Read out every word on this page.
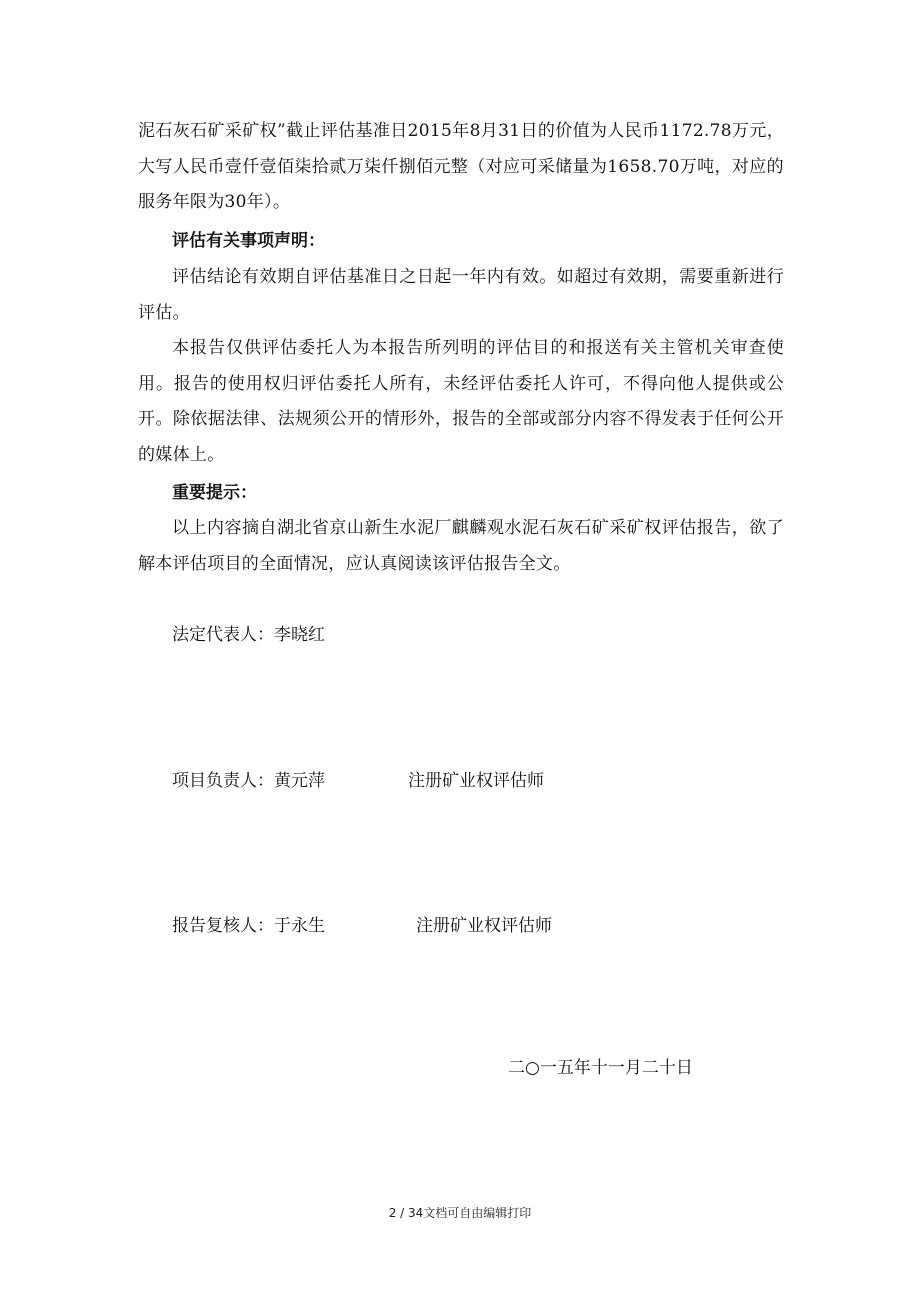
泥石灰石矿采矿权”截止评估基准日2015年8月31日的价值为人民币1172.78万元，大写人民币壹仟壹佰柒拾贰万柒仟捌佰元整（对应可采储量为1658.70万吨，对应的服务年限为30年）。

评估有关事项声明：

评估结论有效期自评估基准日之日起一年内有效。如超过有效期，需要重新进行评估。

本报告仅供评估委托人为本报告所列明的评估目的和报送有关主管机关审查使用。报告的使用权归评估委托人所有，未经评估委托人许可，不得向他人提供或公开。除依据法律、法规须公开的情形外，报告的全部或部分内容不得发表于任何公开的媒体上。

重要提示：

以上内容摘自湖北省京山新生水泥厂麒麟观水泥石灰石矿采矿权评估报告，欲了解本评估项目的全面情况，应认真阅读该评估报告全文。

法定代表人：李晓红
项目负责人：黄元萍	注册矿业权评估师
报告复核人：于永生	注册矿业权评估师
二○一五年十一月二十日
2 / 34文档可自由编辑打印
